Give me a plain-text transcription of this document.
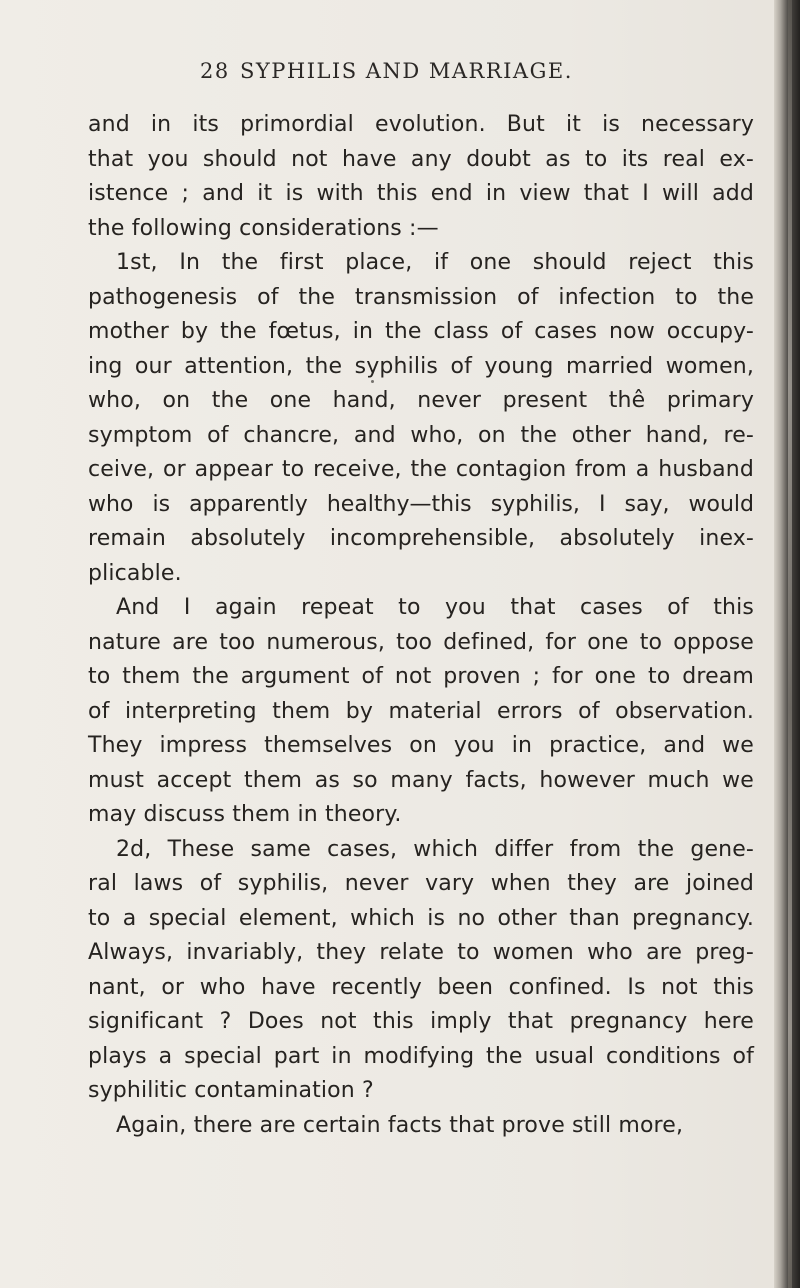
28 SYPHILIS AND MARRIAGE.
and in its primordial evolution. But it is necessary
that you should not have any doubt as to its real ex-
istence ; and it is with this end in view that I will add
the following considerations :—
1st, In the first place, if one should reject this
pathogenesis of the transmission of infection to the
mother by the fœtus, in the class of cases now occupy-
ing our attention, the syphilis of young married women,
who, on the one hand, never present thê primary
symptom of chancre, and who, on the other hand, re-
ceive, or appear to receive, the contagion from a husband
who is apparently healthy—this syphilis, I say, would
remain absolutely incomprehensible, absolutely inex-
plicable.
And I again repeat to you that cases of this
nature are too numerous, too defined, for one to oppose
to them the argument of not proven ; for one to dream
of interpreting them by material errors of observation.
They impress themselves on you in practice, and we
must accept them as so many facts, however much we
may discuss them in theory.
2d, These same cases, which differ from the gene-
ral laws of syphilis, never vary when they are joined
to a special element, which is no other than pregnancy.
Always, invariably, they relate to women who are preg-
nant, or who have recently been confined. Is not this
significant ? Does not this imply that pregnancy here
plays a special part in modifying the usual conditions of
syphilitic contamination ?
Again, there are certain facts that prove still more,
